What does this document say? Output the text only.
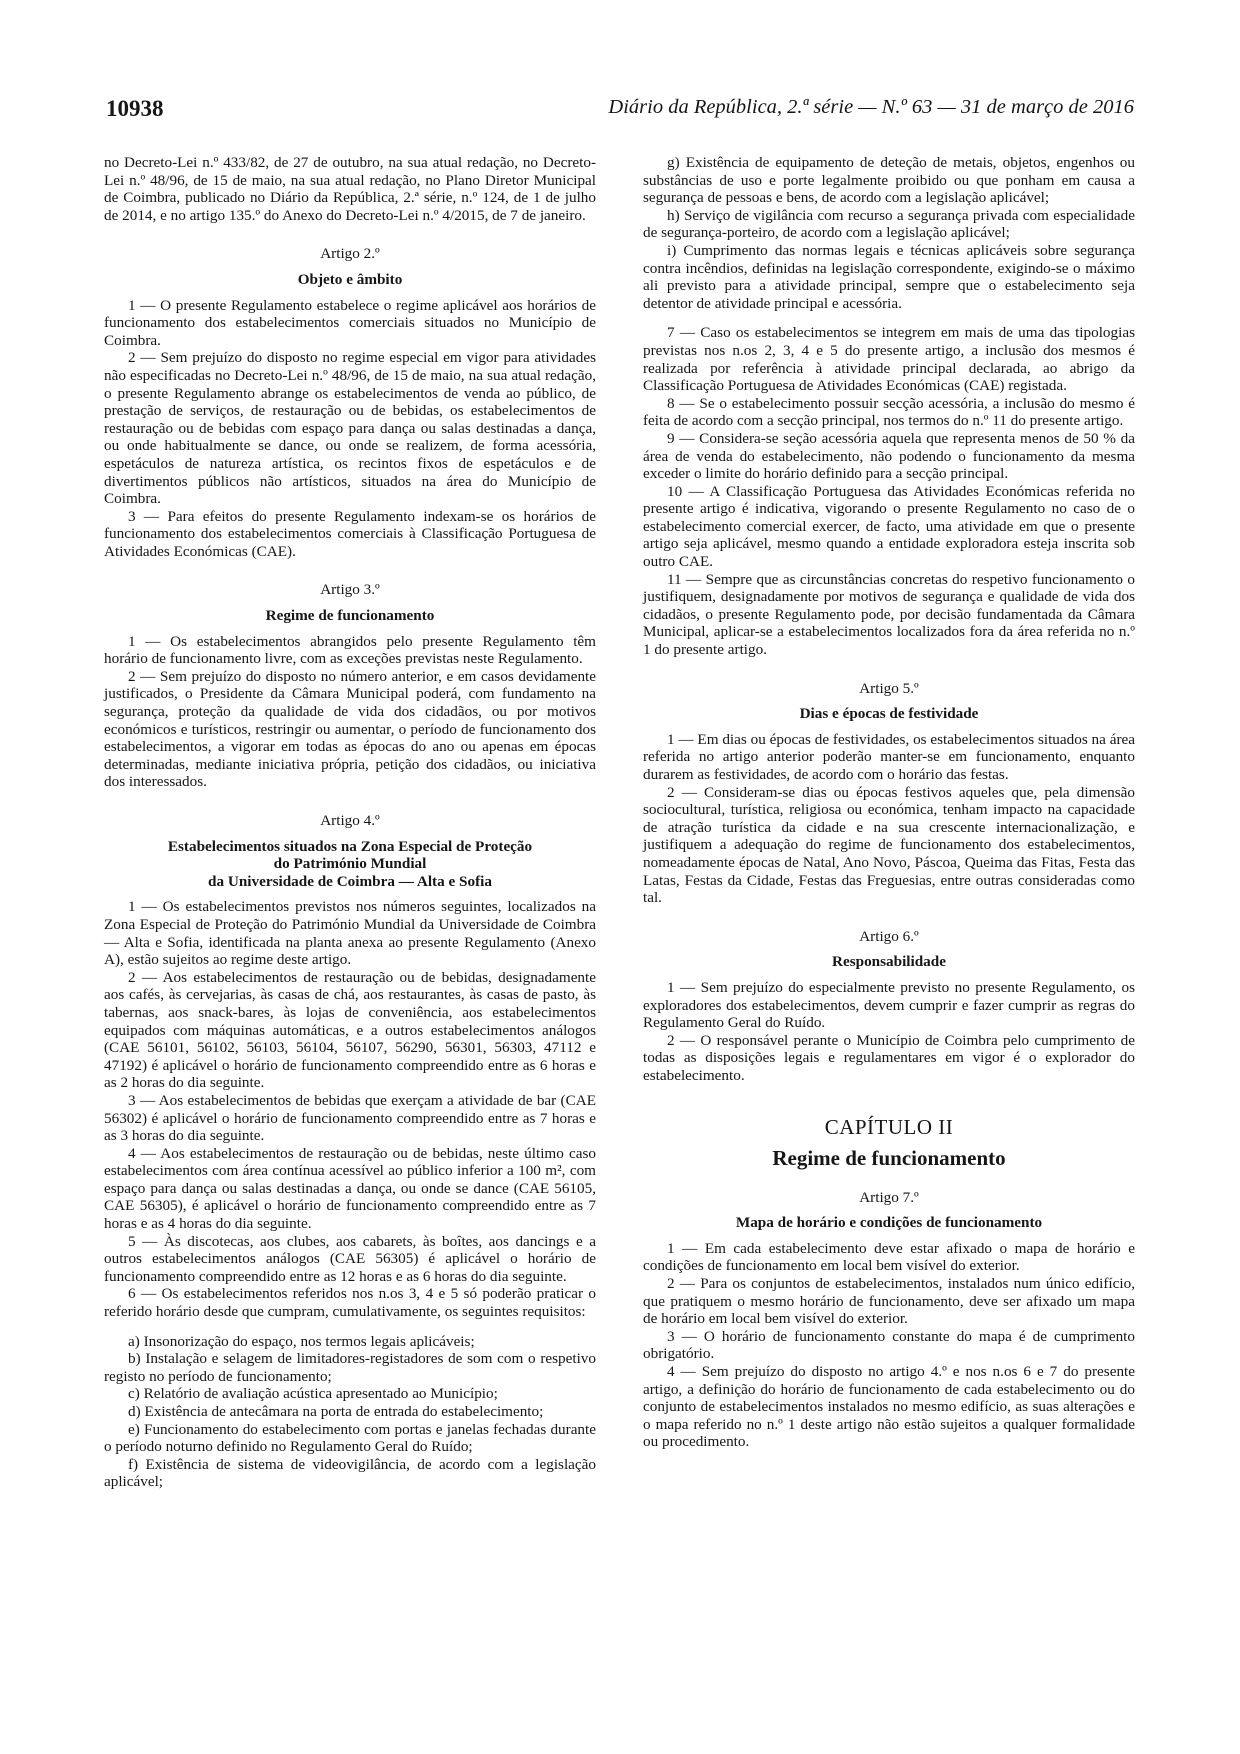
10938	Diário da República, 2.ª série — N.º 63 — 31 de março de 2016

no Decreto-Lei n.º 433/82, de 27 de outubro, na sua atual redação, no Decreto-Lei n.º 48/96, de 15 de maio, na sua atual redação, no Plano Diretor Municipal de Coimbra, publicado no Diário da República, 2.ª série, n.º 124, de 1 de julho de 2014, e no artigo 135.º do Anexo do Decreto-Lei n.º 4/2015, de 7 de janeiro.

Artigo 2.º
Objeto e âmbito

1 — O presente Regulamento estabelece o regime aplicável aos horários de funcionamento dos estabelecimentos comerciais situados no Município de Coimbra.

2 — Sem prejuízo do disposto no regime especial em vigor para atividades não especificadas no Decreto-Lei n.º 48/96, de 15 de maio, na sua atual redação, o presente Regulamento abrange os estabelecimentos de venda ao público, de prestação de serviços, de restauração ou de bebidas, os estabelecimentos de restauração ou de bebidas com espaço para dança ou salas destinadas a dança, ou onde habitualmente se dance, ou onde se realizem, de forma acessória, espetáculos de natureza artística, os recintos fixos de espetáculos e de divertimentos públicos não artísticos, situados na área do Município de Coimbra.

3 — Para efeitos do presente Regulamento indexam-se os horários de funcionamento dos estabelecimentos comerciais à Classificação Portuguesa de Atividades Económicas (CAE).

Artigo 3.º
Regime de funcionamento

1 — Os estabelecimentos abrangidos pelo presente Regulamento têm horário de funcionamento livre, com as exceções previstas neste Regulamento.

2 — Sem prejuízo do disposto no número anterior, e em casos devidamente justificados, o Presidente da Câmara Municipal poderá, com fundamento na segurança, proteção da qualidade de vida dos cidadãos, ou por motivos económicos e turísticos, restringir ou aumentar, o período de funcionamento dos estabelecimentos, a vigorar em todas as épocas do ano ou apenas em épocas determinadas, mediante iniciativa própria, petição dos cidadãos, ou iniciativa dos interessados.

Artigo 4.º
Estabelecimentos situados na Zona Especial de Proteção
do Património Mundial
da Universidade de Coimbra — Alta e Sofia

1 — Os estabelecimentos previstos nos números seguintes, localizados na Zona Especial de Proteção do Património Mundial da Universidade de Coimbra — Alta e Sofia, identificada na planta anexa ao presente Regulamento (Anexo A), estão sujeitos ao regime deste artigo.

2 — Aos estabelecimentos de restauração ou de bebidas, designadamente aos cafés, às cervejarias, às casas de chá, aos restaurantes, às casas de pasto, às tabernas, aos snack-bares, às lojas de conveniência, aos estabelecimentos equipados com máquinas automáticas, e a outros estabelecimentos análogos (CAE 56101, 56102, 56103, 56104, 56107, 56290, 56301, 56303, 47112 e 47192) é aplicável o horário de funcionamento compreendido entre as 6 horas e as 2 horas do dia seguinte.

3 — Aos estabelecimentos de bebidas que exerçam a atividade de bar (CAE 56302) é aplicável o horário de funcionamento compreendido entre as 7 horas e as 3 horas do dia seguinte.

4 — Aos estabelecimentos de restauração ou de bebidas, neste último caso estabelecimentos com área contínua acessível ao público inferior a 100 m², com espaço para dança ou salas destinadas a dança, ou onde se dance (CAE 56105, CAE 56305), é aplicável o horário de funcionamento compreendido entre as 7 horas e as 4 horas do dia seguinte.

5 — Às discotecas, aos clubes, aos cabarets, às boîtes, aos dancings e a outros estabelecimentos análogos (CAE 56305) é aplicável o horário de funcionamento compreendido entre as 12 horas e as 6 horas do dia seguinte.

6 — Os estabelecimentos referidos nos n.os 3, 4 e 5 só poderão praticar o referido horário desde que cumpram, cumulativamente, os seguintes requisitos:

a) Insonorização do espaço, nos termos legais aplicáveis;

b) Instalação e selagem de limitadores-registadores de som com o respetivo registo no período de funcionamento;

c) Relatório de avaliação acústica apresentado ao Município;

d) Existência de antecâmara na porta de entrada do estabelecimento;

e) Funcionamento do estabelecimento com portas e janelas fechadas durante o período noturno definido no Regulamento Geral do Ruído;

f) Existência de sistema de videovigilância, de acordo com a legislação aplicável;

g) Existência de equipamento de deteção de metais, objetos, engenhos ou substâncias de uso e porte legalmente proibido ou que ponham em causa a segurança de pessoas e bens, de acordo com a legislação aplicável;

h) Serviço de vigilância com recurso a segurança privada com especialidade de segurança-porteiro, de acordo com a legislação aplicável;

i) Cumprimento das normas legais e técnicas aplicáveis sobre segurança contra incêndios, definidas na legislação correspondente, exigindo-se o máximo ali previsto para a atividade principal, sempre que o estabelecimento seja detentor de atividade principal e acessória.

7 — Caso os estabelecimentos se integrem em mais de uma das tipologias previstas nos n.os 2, 3, 4 e 5 do presente artigo, a inclusão dos mesmos é realizada por referência à atividade principal declarada, ao abrigo da Classificação Portuguesa de Atividades Económicas (CAE) registada.

8 — Se o estabelecimento possuir secção acessória, a inclusão do mesmo é feita de acordo com a secção principal, nos termos do n.º 11 do presente artigo.

9 — Considera-se seção acessória aquela que representa menos de 50 % da área de venda do estabelecimento, não podendo o funcionamento da mesma exceder o limite do horário definido para a secção principal.

10 — A Classificação Portuguesa das Atividades Económicas referida no presente artigo é indicativa, vigorando o presente Regulamento no caso de o estabelecimento comercial exercer, de facto, uma atividade em que o presente artigo seja aplicável, mesmo quando a entidade exploradora esteja inscrita sob outro CAE.

11 — Sempre que as circunstâncias concretas do respetivo funcionamento o justifiquem, designadamente por motivos de segurança e qualidade de vida dos cidadãos, o presente Regulamento pode, por decisão fundamentada da Câmara Municipal, aplicar-se a estabelecimentos localizados fora da área referida no n.º 1 do presente artigo.

Artigo 5.º
Dias e épocas de festividade

1 — Em dias ou épocas de festividades, os estabelecimentos situados na área referida no artigo anterior poderão manter-se em funcionamento, enquanto durarem as festividades, de acordo com o horário das festas.

2 — Consideram-se dias ou épocas festivos aqueles que, pela dimensão sociocultural, turística, religiosa ou económica, tenham impacto na capacidade de atração turística da cidade e na sua crescente internacionalização, e justifiquem a adequação do regime de funcionamento dos estabelecimentos, nomeadamente épocas de Natal, Ano Novo, Páscoa, Queima das Fitas, Festa das Latas, Festas da Cidade, Festas das Freguesias, entre outras consideradas como tal.

Artigo 6.º
Responsabilidade

1 — Sem prejuízo do especialmente previsto no presente Regulamento, os exploradores dos estabelecimentos, devem cumprir e fazer cumprir as regras do Regulamento Geral do Ruído.

2 — O responsável perante o Município de Coimbra pelo cumprimento de todas as disposições legais e regulamentares em vigor é o explorador do estabelecimento.

CAPÍTULO II
Regime de funcionamento
Artigo 7.º
Mapa de horário e condições de funcionamento

1 — Em cada estabelecimento deve estar afixado o mapa de horário e condições de funcionamento em local bem visível do exterior.

2 — Para os conjuntos de estabelecimentos, instalados num único edifício, que pratiquem o mesmo horário de funcionamento, deve ser afixado um mapa de horário em local bem visível do exterior.

3 — O horário de funcionamento constante do mapa é de cumprimento obrigatório.

4 — Sem prejuízo do disposto no artigo 4.º e nos n.os 6 e 7 do presente artigo, a definição do horário de funcionamento de cada estabelecimento ou do conjunto de estabelecimentos instalados no mesmo edifício, as suas alterações e o mapa referido no n.º 1 deste artigo não estão sujeitos a qualquer formalidade ou procedimento.
